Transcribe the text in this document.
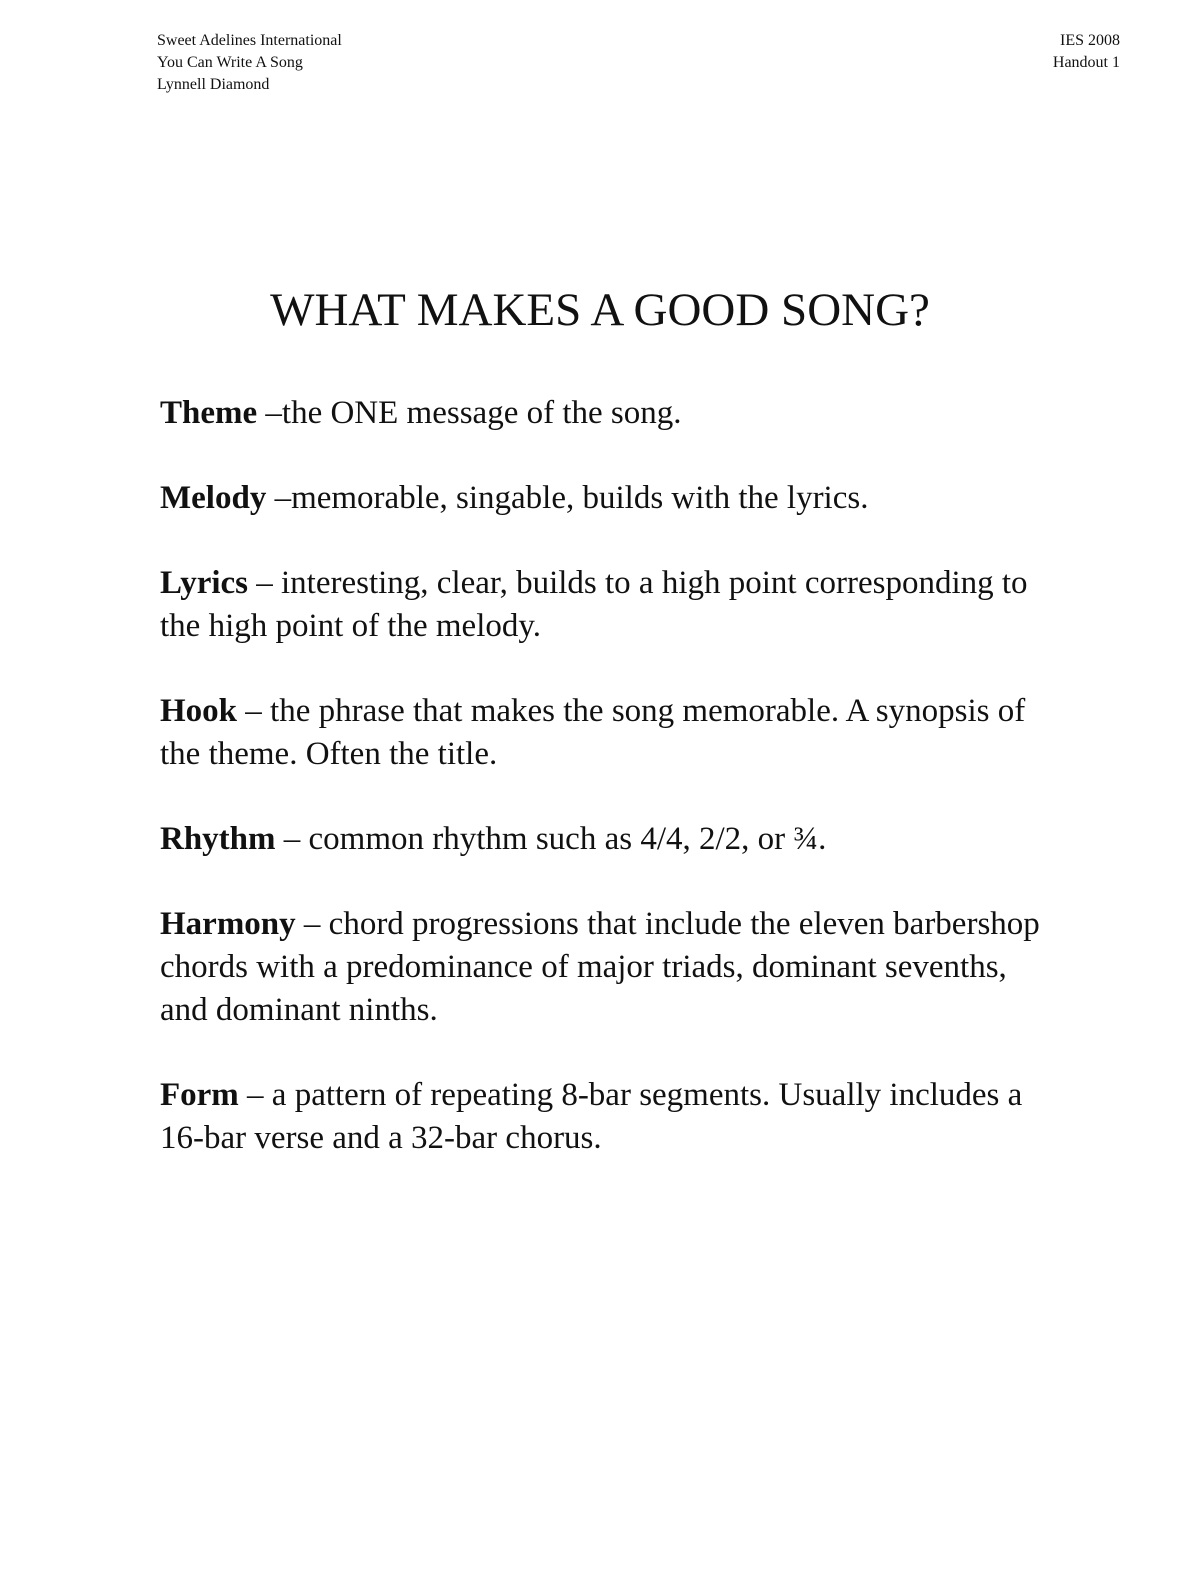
Sweet Adelines International
You Can Write A Song
Lynnell Diamond
IES 2008
Handout 1
WHAT MAKES A GOOD SONG?
Theme –the ONE message of the song.
Melody –memorable, singable, builds with the lyrics.
Lyrics – interesting, clear, builds to a high point corresponding to the high point of the melody.
Hook – the phrase that makes the song memorable. A synopsis of the theme. Often the title.
Rhythm – common rhythm such as 4/4, 2/2, or ¾.
Harmony – chord progressions that include the eleven barbershop chords with a predominance of major triads, dominant sevenths, and dominant ninths.
Form – a pattern of repeating 8-bar segments. Usually includes a 16-bar verse and a 32-bar chorus.
